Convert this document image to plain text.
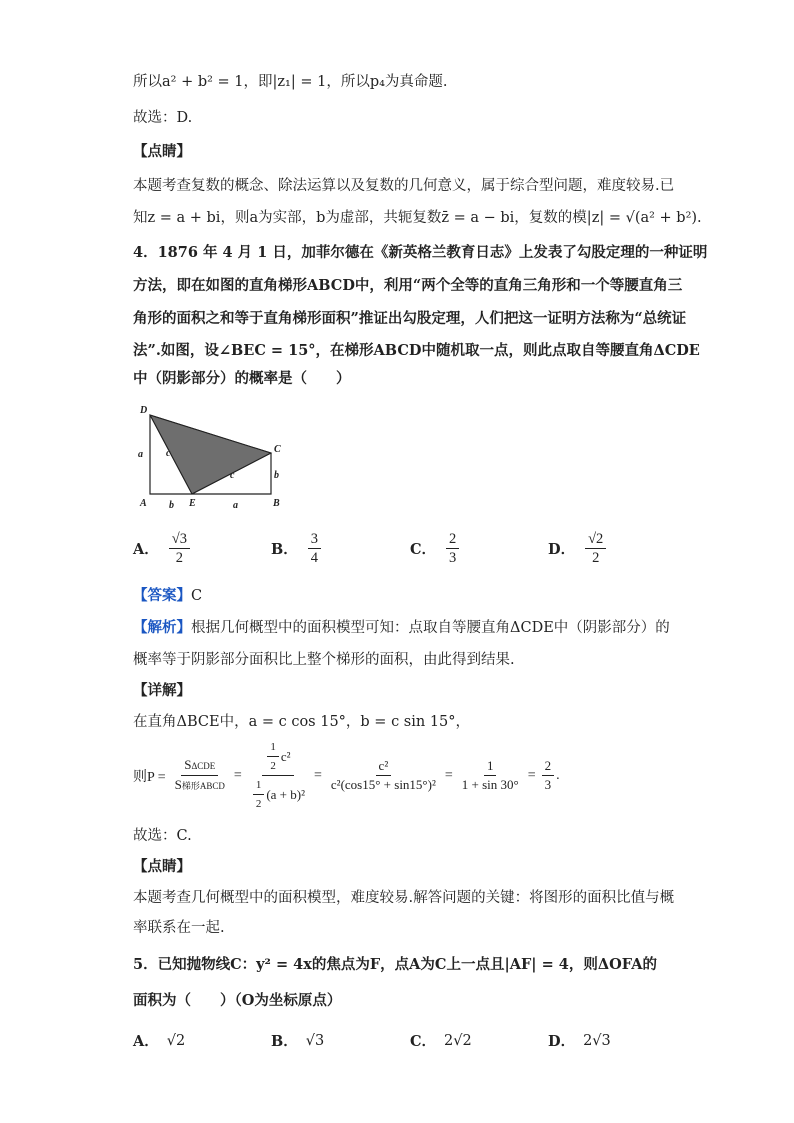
所以a² + b² = 1，即|z₁| = 1，所以p₄为真命题.
故选：D.
【点睛】
本题考查复数的概念、除法运算以及复数的几何意义，属于综合型问题，难度较易.已
知z = a + bi，则a为实部，b为虚部，共轭复数z̄ = a − bi，复数的模|z| = √(a² + b²).
4．1876 年 4 月 1 日，加菲尔德在《新英格兰教育日志》上发表了勾股定理的一种证明
方法，即在如图的直角梯形ABCD中，利用“两个全等的直角三角形和一个等腰直角三
角形的面积之和等于直角梯形面积”推证出勾股定理，人们把这一证明方法称为“总统证
法”.如图，设∠BEC = 15°，在梯形ABCD中随机取一点，则此点取自等腰直角ΔCDE
中（阴影部分）的概率是（　　）
D
C
A	E	B
a c
c	b
b	a
A． $\frac{√3}{2}$	B． $\frac{3}{4}$	C． $\frac{2}{3}$	D． $\frac{√2}{2}$
【答案】C
【解析】根据几何概型中的面积模型可知：点取自等腰直角ΔCDE中（阴影部分）的
概率等于阴影部分面积比上整个梯形的面积，由此得到结果.
【详解】
在直角ΔBCE中，a = c cos 15°，b = c sin 15°，
则$P = \frac{\text{SΔCDE}}{\text{S梯形ABCD}} = \frac{\frac{1}{2} c^2}{\frac{1}{2} (a + b)^2} = \frac{\text{c²}}{\text{c²(cos15° + sin15°)²}} = \frac{1}{1 + \sin 30^\circ} = \frac{2}{3}$ .
故选：C.
【点睛】
本题考查几何概型中的面积模型，难度较易.解答问题的关键：将图形的面积比值与概
率联系在一起.
5．已知抛物线C：y² = 4x的焦点为F，点A为C上一点且|AF| = 4，则ΔOFA的
面积为（　　）（O为坐标原点）
A． √2	B． √3	C． 2√2	D． 2√3
